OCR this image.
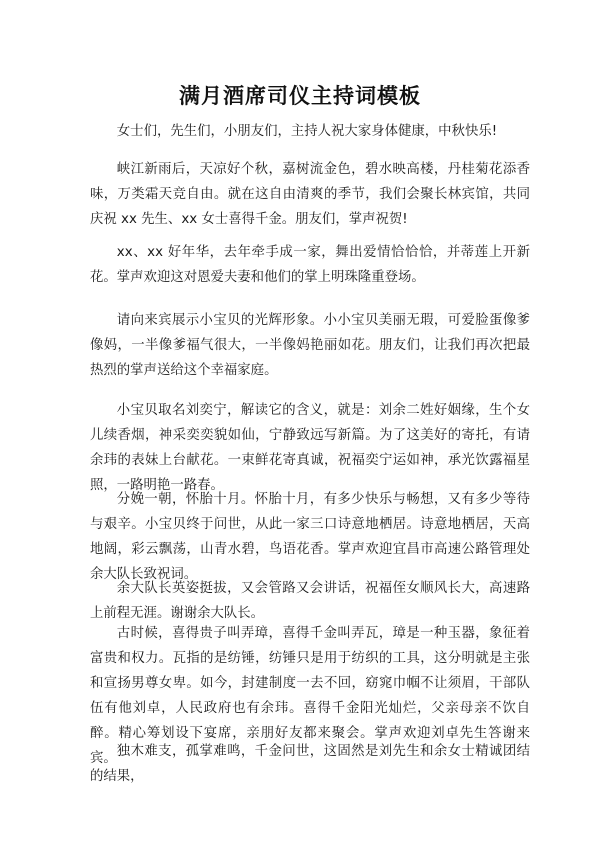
满月酒席司仪主持词模板

女士们，先生们，小朋友们，主持人祝大家身体健康，中秋快乐!

峡江新雨后，天凉好个秋，嘉树流金色，碧水映高楼，丹桂菊花添香味，万类霜天竞自由。就在这自由清爽的季节，我们会聚长林宾馆，共同庆祝 xx 先生、xx 女士喜得千金。朋友们，掌声祝贺!

xx、xx 好年华，去年牵手成一家，舞出爱情恰恰恰，并蒂莲上开新花。掌声欢迎这对恩爱夫妻和他们的掌上明珠隆重登场。

请向来宾展示小宝贝的光辉形象。小小宝贝美丽无瑕，可爱脸蛋像爹像妈，一半像爹福气很大，一半像妈艳丽如花。朋友们，让我们再次把最热烈的掌声送给这个幸福家庭。

小宝贝取名刘奕宁，解读它的含义，就是：刘余二姓好姻缘，生个女儿续香烟，神采奕奕貌如仙，宁静致远写新篇。为了这美好的寄托，有请余玮的表妹上台献花。一束鲜花寄真诚，祝福奕宁运如神，承光饮露福星照，一路明艳一路春。

分娩一朝，怀胎十月。怀胎十月，有多少快乐与畅想，又有多少等待与艰辛。小宝贝终于问世，从此一家三口诗意地栖居。诗意地栖居，天高地阔，彩云飘荡，山青水碧，鸟语花香。掌声欢迎宜昌市高速公路管理处余大队长致祝词。

余大队长英姿挺拔，又会管路又会讲话，祝福侄女顺风长大，高速路上前程无涯。谢谢余大队长。

古时候，喜得贵子叫弄璋，喜得千金叫弄瓦，璋是一种玉器，象征着富贵和权力。瓦指的是纺锤，纺锤只是用于纺织的工具，这分明就是主张和宣扬男尊女卑。如今，封建制度一去不回，窈窕巾帼不让须眉，干部队伍有他刘卓，人民政府也有余玮。喜得千金阳光灿烂，父亲母亲不饮自醉。精心筹划设下宴席，亲朋好友都来聚会。掌声欢迎刘卓先生答谢来宾。 独木难支，孤掌难鸣，千金问世，这固然是刘先生和余女士精诚团结的结果，
